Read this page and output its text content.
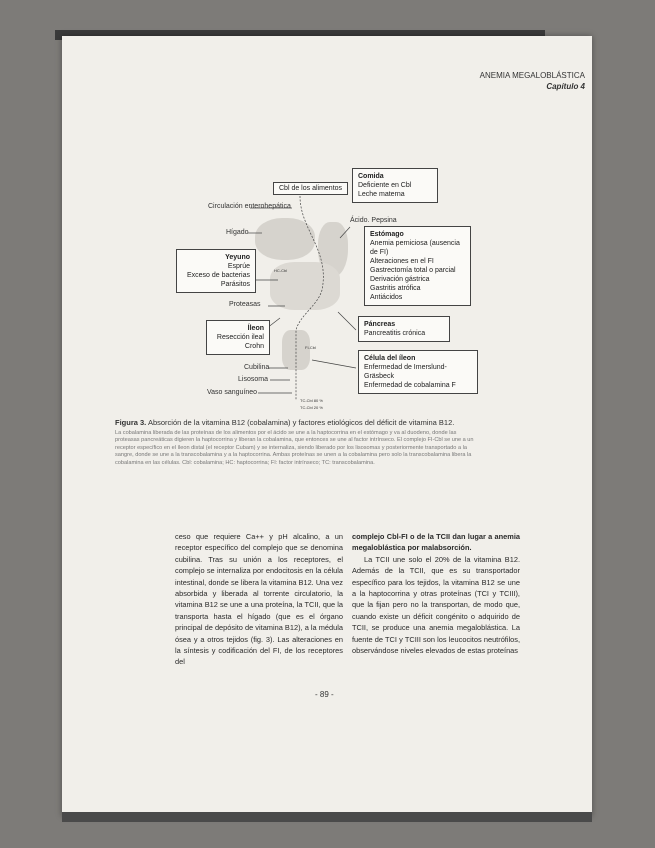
ANEMIA MEGALOBLÁSTICA
Capítulo 4
Cbl de los alimentos
Circulación enterohepática
Hígado
Ácido. Pepsina
Proteasas
Cubilina
Lisosoma
Vaso sanguíneo
HC-Cbl
FI-Cbl
TC-Cbl 80 %
TC-Cbl 20 %
Comida
Deficiente en Cbl
Leche materna
Estómago
Anemia perniciosa (ausencia
de FI)
Alteraciones en el FI
Gastrectomía total o parcial
Derivación gástrica
Gastritis atrófica
Antiácidos
Yeyuno
Esprúe
Exceso de bacterias
Parásitos
Íleon
Resección ileal
Crohn
Páncreas
Pancreatitis crónica
Célula del íleon
Enfermedad de Imerslund-Gräsbeck
Enfermedad de cobalamina F
Figura 3. Absorción de la vitamina B12 (cobalamina) y factores etiológicos del déficit de vitamina B12.
La cobalamina liberada de las proteínas de los alimentos por el ácido se une a la haptocorrina en el estómago y va al duodeno, donde las proteasas pancreáticas digieren la haptocorrina y liberan la cobalamina, que entonces se une al factor intrínseco. El complejo FI-Cbl se une a un receptor específico en el íleon distal (el receptor Cubam) y se internaliza, siendo liberado por los lisosomas y posteriormente transportado a la sangre, donde se une a la transcobalamina y a la haptocorrina. Ambas proteínas se unen a la cobalamina pero solo la transcobalamina libera la cobalamina en las células. Cbl: cobalamina; HC: haptocorrina; FI: factor intrínseco; TC: transcobalamina.

ceso que requiere Ca++ y pH alcalino, a un receptor específico del complejo que se denomina cubilina. Tras su unión a los receptores, el complejo se internaliza por endocitosis en la célula intestinal, donde se libera la vitamina B12. Una vez absorbida y liberada al torrente circulatorio, la vitamina B12 se une a una proteína, la TCII, que la transporta hasta el hígado (que es el órgano principal de depósito de vitamina B12), a la médula ósea y a otros tejidos (fig. 3). Las alteraciones en la síntesis y codificación del FI, de los receptores del

complejo Cbl-FI o de la TCII dan lugar a anemia megaloblástica por malabsorción.

La TCII une solo el 20% de la vitamina B12. Además de la TCII, que es su transportador específico para los tejidos, la vitamina B12 se une a la haptocorrina y otras proteínas (TCI y TCIII), que la fijan pero no la transportan, de modo que, cuando existe un déficit congénito o adquirido de TCII, se produce una anemia megaloblástica. La fuente de TCI y TCIII son los leucocitos neutrófilos, observándose niveles elevados de estas proteínas

- 89 -
